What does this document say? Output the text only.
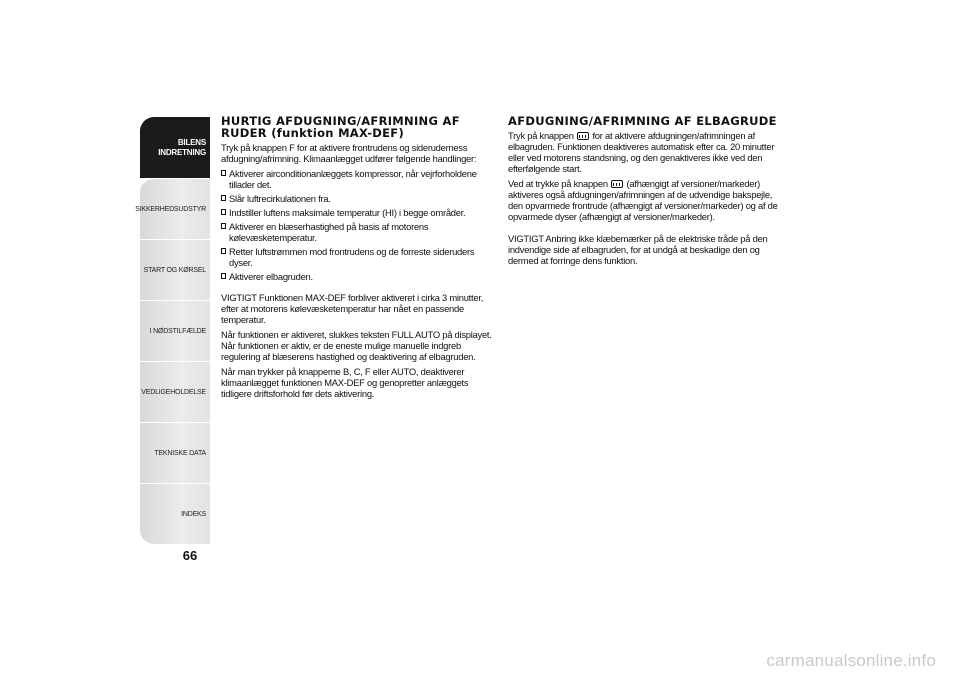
BILENS
INDRETNING
SIKKERHEDSUDSTYR
START OG KØRSEL
I NØDSTILFÆLDE
VEDLIGEHOLDELSE
TEKNISKE DATA
INDEKS
66
HURTIG AFDUGNING/AFRIMNING AF RUDER (funktion MAX-DEF)

Tryk på knappen F for at aktivere frontrudens og sideruderness afdugning/afrimning. Klimaanlægget udfører følgende handlinger:

Aktiverer airconditionanlæggets kompressor, når vejrforholdene tillader det.
Slår luftrecirkulationen fra.
Indstiller luftens maksimale temperatur (HI) i begge områder.
Aktiverer en blæserhastighed på basis af motorens kølevæsketemperatur.
Retter luftstrømmen mod frontrudens og de forreste sideruders dyser.
Aktiverer elbagruden.

VIGTIGT Funktionen MAX-DEF forbliver aktiveret i cirka 3 minutter, efter at motorens kølevæsketemperatur har nået en passende temperatur.

Når funktionen er aktiveret, slukkes teksten FULL AUTO på displayet. Når funktionen er aktiv, er de eneste mulige manuelle indgreb regulering af blæserens hastighed og deaktivering af elbagruden.

Når man trykker på knapperne B, C, F eller AUTO, deaktiverer klimaanlægget funktionen MAX-DEF og genopretter anlæggets tidligere driftsforhold før dets aktivering.

AFDUGNING/AFRIMNING AF ELBAGRUDE

Tryk på knappen for at aktivere afdugningen/afrimningen af elbagruden. Funktionen deaktiveres automatisk efter ca. 20 minutter eller ved motorens standsning, og den genaktiveres ikke ved den efterfølgende start.

Ved at trykke på knappen (afhængigt af versioner/markeder) aktiveres også afdugningen/afrimningen af de udvendige bakspejle, den opvarmede frontrude (afhængigt af versioner/markeder) og af de opvarmede dyser (afhængigt af versioner/markeder).

VIGTIGT Anbring ikke klæbemærker på de elektriske tråde på den indvendige side af elbagruden, for at undgå at beskadige den og dermed at forringe dens funktion.

carmanualsonline.info
